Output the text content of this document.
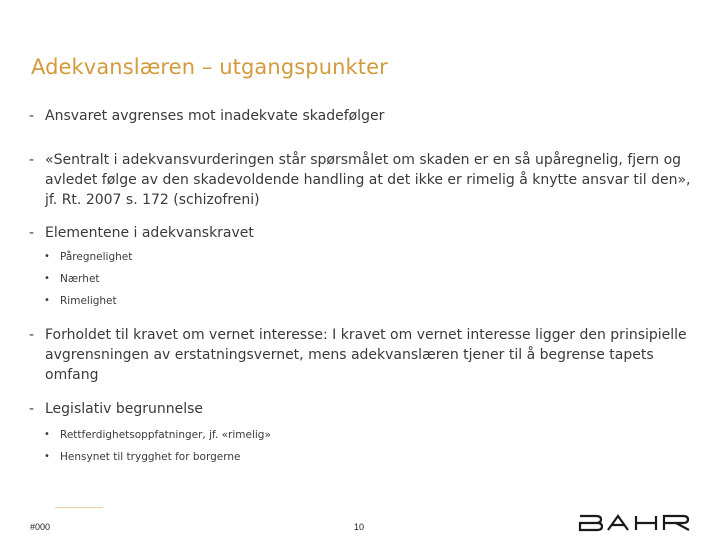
Adekvanslæren – utgangspunkter
- Ansvaret avgrenses mot inadekvate skadefølger
- «Sentralt i adekvansvurderingen står spørsmålet om skaden er en så upåregnelig, fjern og avledet følge av den skadevoldende handling at det ikke er rimelig å knytte ansvar til den», jf. Rt. 2007 s. 172 (schizofreni)
- Elementene i adekvanskravet
• Påregnelighet
• Nærhet
• Rimelighet
- Forholdet til kravet om vernet interesse: I kravet om vernet interesse ligger den prinsipielle avgrensningen av erstatningsvernet, mens adekvanslæren tjener til å begrense tapets omfang
- Legislativ begrunnelse
• Rettferdighetsoppfatninger, jf. «rimelig»
• Hensynet til trygghet for borgerne
#000	10
